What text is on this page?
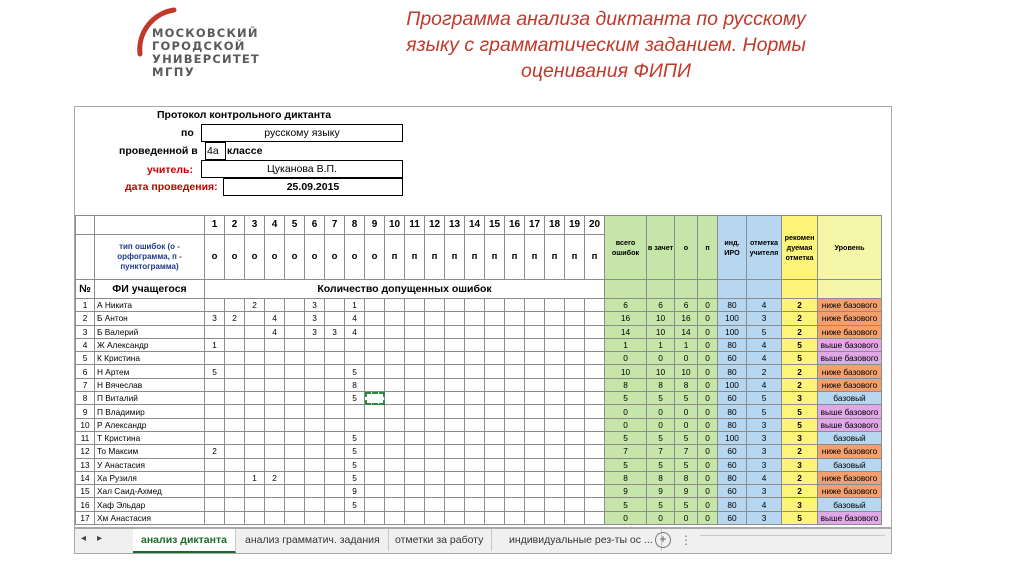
МОСКОВСКИЙ
ГОРОДСКОЙ
УНИВЕРСИТЕТ
МГПУ
Программа анализа диктанта по русскому
языку с грамматическим заданием. Нормы
оценивания ФИПИ
Протокол контрольного диктанта
по	русскому языку
проведенной в 4а классе
учитель:	Цуканова В.П.
дата проведения:	25.09.2015
		1	2	3	4	5	6	7	8	9	10	11	12	13	14	15	16	17	18	19	20	всего ошибок	в зачет	о	п	инд. ИРО	отметка учителя	рекомен дуемая отметка	Уровень
	тип ошибок (о - орфограмма, п - пунктограмма)	о	о	о	о	о	о	о	о	о	п	п	п	п	п	п	п	п	п	п	п								
№	ФИ учащегося	Количество допущенных ошибок																											
1	А Никита			2			3		1													6	6	6	0	80	4	2	ниже базового
2	Б Антон	3	2		4		3		4													16	10	16	0	100	3	2	ниже базового
3	Б Валерий				4		3	3	4													14	10	14	0	100	5	2	ниже базового
4	Ж Александр	1																				1	1	1	0	80	4	5	выше базового
5	К Кристина																					0	0	0	0	60	4	5	выше базового
6	Н Артем	5							5													10	10	10	0	80	2	2	ниже базового
7	Н Вячеслав								8													8	8	8	0	100	4	2	ниже базового
8	П Виталий								5													5	5	5	0	60	5	3	базовый
9	П Владимир																					0	0	0	0	80	5	5	выше базового
10	Р Александр																					0	0	0	0	80	3	5	выше базового
11	Т Кристина								5													5	5	5	0	100	3	3	базовый
12	То Максим	2							5													7	7	7	0	60	3	2	ниже базового
13	У Анастасия								5													5	5	5	0	60	3	3	базовый
14	Ха Рузиля			1	2				5													8	8	8	0	80	4	2	ниже базового
15	Хал Саид-Ахмед								9													9	9	9	0	60	3	2	ниже базового
16	Хаф Эльдар								5													5	5	5	0	80	4	3	базовый
17	Хм Анастасия																					0	0	0	0	60	3	5	выше базового
◂ ▸	анализ диктанта	анализ грамматич. задания	отметки за работу	индивидуальные рез-ты ос ... +	⋮
